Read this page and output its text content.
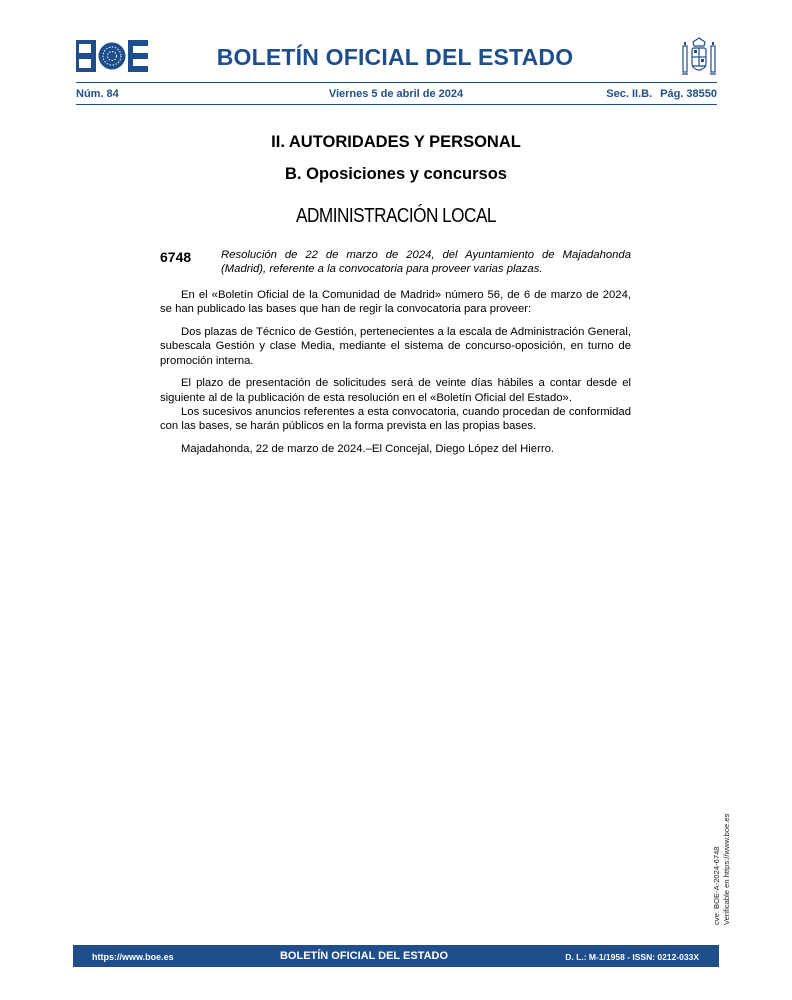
BOLETÍN OFICIAL DEL ESTADO
Núm. 84	Viernes 5 de abril de 2024	Sec. II.B. Pág. 38550
II. AUTORIDADES Y PERSONAL
B. Oposiciones y concursos
ADMINISTRACIÓN LOCAL
6748	Resolución de 22 de marzo de 2024, del Ayuntamiento de Majadahonda (Madrid), referente a la convocatoria para proveer varias plazas.

En el «Boletín Oficial de la Comunidad de Madrid» número 56, de 6 de marzo de 2024, se han publicado las bases que han de regir la convocatoria para proveer:

Dos plazas de Técnico de Gestión, pertenecientes a la escala de Administración General, subescala Gestión y clase Media, mediante el sistema de concurso-oposición, en turno de promoción interna.

El plazo de presentación de solicitudes será de veinte días hábiles a contar desde el siguiente al de la publicación de esta resolución en el «Boletín Oficial del Estado».

Los sucesivos anuncios referentes a esta convocatoria, cuando procedan de conformidad con las bases, se harán públicos en la forma prevista en las propias bases.

Majadahonda, 22 de marzo de 2024.–El Concejal, Diego López del Hierro.

cve: BOE-A-2024-6748 Verificable en https://www.boe.es
https://www.boe.es	BOLETÍN OFICIAL DEL ESTADO	D. L.: M-1/1958 - ISSN: 0212-033X
